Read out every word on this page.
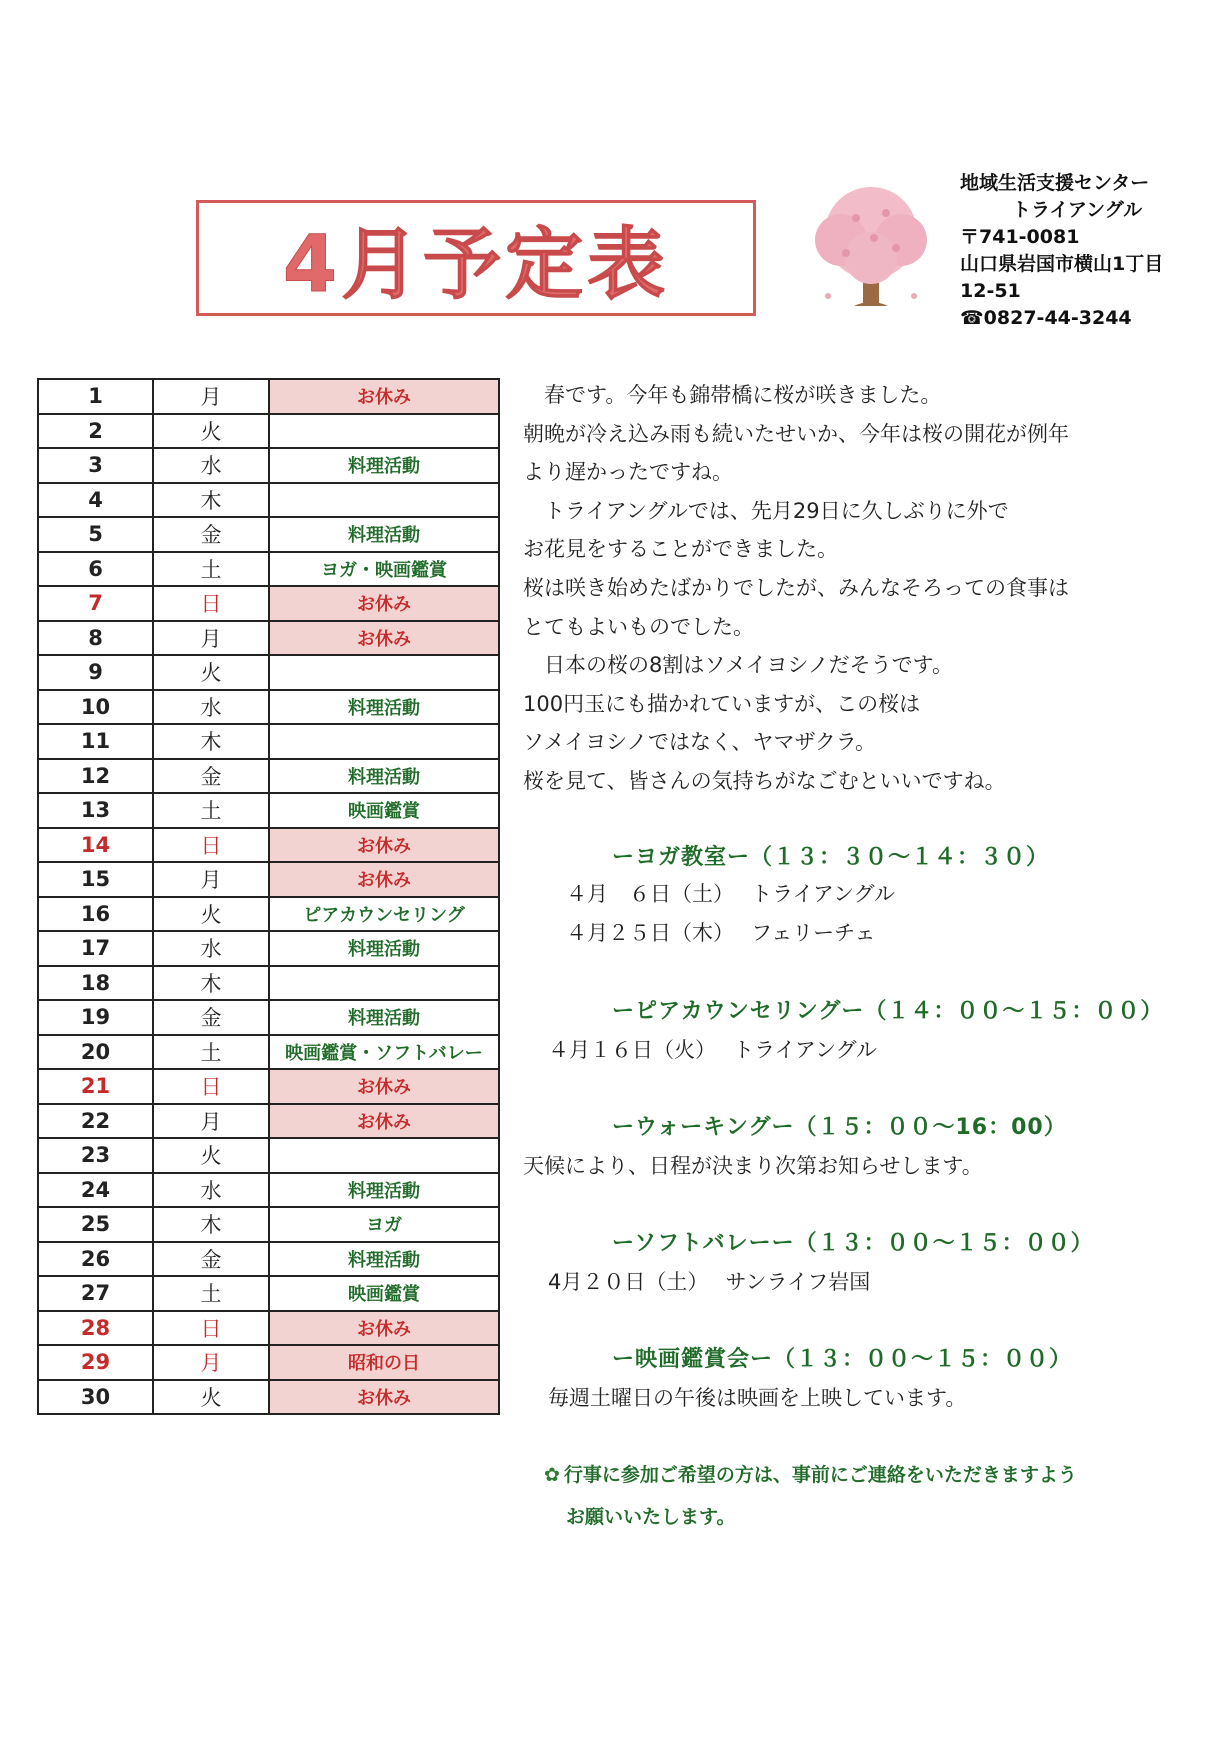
4月予定表
地域生活支援センター
トライアングル
〒741-0081
山口県岩国市横山1丁目
12-51
☎0827-44-3244
1	月	お休み
2	火	
3	水	料理活動
4	木	
5	金	料理活動
6	土	ヨガ・映画鑑賞
7	日	お休み
8	月	お休み
9	火	
10	水	料理活動
11	木	
12	金	料理活動
13	土	映画鑑賞
14	日	お休み
15	月	お休み
16	火	ピアカウンセリング
17	水	料理活動
18	木	
19	金	料理活動
20	土	映画鑑賞・ソフトバレー
21	日	お休み
22	月	お休み
23	火	
24	水	料理活動
25	木	ヨガ
26	金	料理活動
27	土	映画鑑賞
28	日	お休み
29	月	昭和の日
30	火	お休み

　春です。今年も錦帯橋に桜が咲きました。

朝晩が冷え込み雨も続いたせいか、今年は桜の開花が例年

より遅かったですね。

　トライアングルでは、先月29日に久しぶりに外で

お花見をすることができました。

桜は咲き始めたばかりでしたが、みんなそろっての食事は

とてもよいものでした。

　日本の桜の8割はソメイヨシノだそうです。

100円玉にも描かれていますが、この桜は

ソメイヨシノではなく、ヤマザクラ。

桜を見て、皆さんの気持ちがなごむといいですね。

ーヨガ教室ー（１３：３０～１４：３０）
４月　６日（土）　 トライアングル
４月２５日（木）　 フェリーチェ
ーピアカウンセリングー（１４：００～１５：００）
４月１６日（火）　 トライアングル
ーウォーキングー（１５：００～16：00）
天候により、日程が決まり次第お知らせします。
ーソフトバレーー（１３：００～１５：００）
4月２０日（土）　 サンライフ岩国
ー映画鑑賞会ー（１３：００～１５：００）
毎週土曜日の午後は映画を上映しています。
✿ 行事に参加ご希望の方は、事前にご連絡をいただきますよう
お願いいたします。
